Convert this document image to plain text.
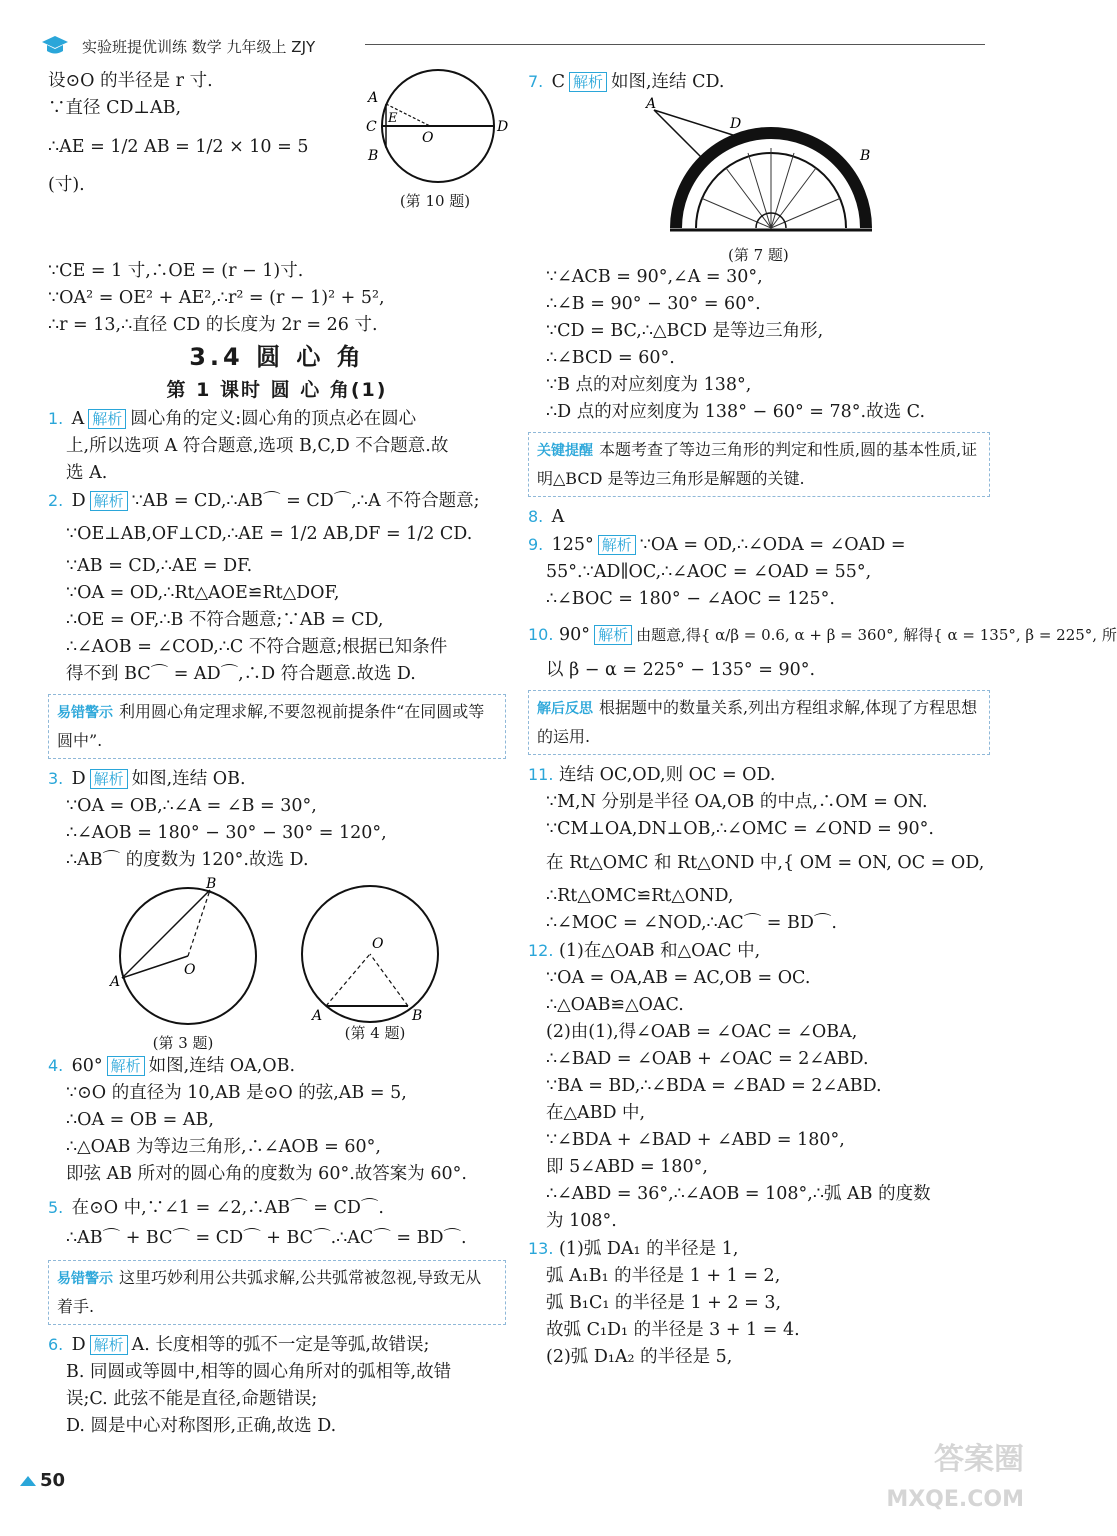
实验班提优训练 数学 九年级上 ZJY
设⊙O 的半径是 r 寸.
∵直径 CD⊥AB,
∴AE = 1/2 AB = 1/2 × 10 = 5
(寸).
A
C
E
O
D
B
(第 10 题)
∵CE = 1 寸,∴OE = (r − 1)寸.
∵OA² = OE² + AE²,∴r² = (r − 1)² + 5²,
∴r = 13,∴直径 CD 的长度为 2r = 26 寸.
3.4 圆 心 角
第 1 课时 圆 心 角(1)
1. A 解析 圆心角的定义:圆心角的顶点必在圆心
上,所以选项 A 符合题意,选项 B,C,D 不合题意.故
选 A.
2. D 解析 ∵AB = CD,∴AB⌒ = CD⌒,∴A 不符合题意;
∵OE⊥AB,OF⊥CD,∴AE = 1/2 AB,DF = 1/2 CD.
∵AB = CD,∴AE = DF.
∵OA = OD,∴Rt△AOE≌Rt△DOF,
∴OE = OF,∴B 不符合题意;∵AB = CD,
∴∠AOB = ∠COD,∴C 不符合题意;根据已知条件
得不到 BC⌒ = AD⌒,∴D 符合题意.故选 D.
易错警示 利用圆心角定理求解,不要忽视前提条件“在同圆或等圆中”.
3. D 解析 如图,连结 OB.
∵OA = OB,∴∠A = ∠B = 30°,
∴∠AOB = 180° − 30° − 30° = 120°,
∴AB⌒ 的度数为 120°.故选 D.
A
B
O
(第 3 题)
O
A	B
(第 4 题)
4. 60° 解析 如图,连结 OA,OB.
∵⊙O 的直径为 10,AB 是⊙O 的弦,AB = 5,
∴OA = OB = AB,
∴△OAB 为等边三角形,∴∠AOB = 60°,
即弦 AB 所对的圆心角的度数为 60°.故答案为 60°.
5. 在⊙O 中,∵∠1 = ∠2,∴AB⌒ = CD⌒.
∴AB⌒ + BC⌒ = CD⌒ + BC⌒.∴AC⌒ = BD⌒.
易错警示 这里巧妙利用公共弧求解,公共弧常被忽视,导致无从着手.
6. D 解析 A. 长度相等的弧不一定是等弧,故错误;
B. 同圆或等圆中,相等的圆心角所对的弧相等,故错
误;C. 此弦不能是直径,命题错误;
D. 圆是中心对称图形,正确,故选 D.
7. C 解析 如图,连结 CD.
A
D
B
(第 7 题)
∵∠ACB = 90°,∠A = 30°,
∴∠B = 90° − 30° = 60°.
∵CD = BC,∴△BCD 是等边三角形,
∴∠BCD = 60°.
∵B 点的对应刻度为 138°,
∴D 点的对应刻度为 138° − 60° = 78°.故选 C.
关键提醒 本题考查了等边三角形的判定和性质,圆的基本性质,证明△BCD 是等边三角形是解题的关键.
8. A
9. 125° 解析 ∵OA = OD,∴∠ODA = ∠OAD =
55°.∵AD∥OC,∴∠AOC = ∠OAD = 55°,
∴∠BOC = 180° − ∠AOC = 125°.
10. 90° 解析 由题意,得{ α/β = 0.6, α + β = 360°, 解得{ α = 135°, β = 225°, 所
以 β − α = 225° − 135° = 90°.
解后反思 根据题中的数量关系,列出方程组求解,体现了方程思想的运用.
11. 连结 OC,OD,则 OC = OD.
∵M,N 分别是半径 OA,OB 的中点,∴OM = ON.
∵CM⊥OA,DN⊥OB,∴∠OMC = ∠OND = 90°.
在 Rt△OMC 和 Rt△OND 中,{ OM = ON, OC = OD,
∴Rt△OMC≌Rt△OND,
∴∠MOC = ∠NOD,∴AC⌒ = BD⌒.
12. (1)在△OAB 和△OAC 中,
∵OA = OA,AB = AC,OB = OC.
∴△OAB≌△OAC.
(2)由(1),得∠OAB = ∠OAC = ∠OBA,
∴∠BAD = ∠OAB + ∠OAC = 2∠ABD.
∵BA = BD,∴∠BDA = ∠BAD = 2∠ABD.
在△ABD 中,
∵∠BDA + ∠BAD + ∠ABD = 180°,
即 5∠ABD = 180°,
∴∠ABD = 36°,∴∠AOB = 108°,∴弧 AB 的度数
为 108°.
13. (1)弧 DA₁ 的半径是 1,
弧 A₁B₁ 的半径是 1 + 1 = 2,
弧 B₁C₁ 的半径是 1 + 2 = 3,
故弧 C₁D₁ 的半径是 3 + 1 = 4.
(2)弧 D₁A₂ 的半径是 5,
50
答案圈
MXQE.COM
